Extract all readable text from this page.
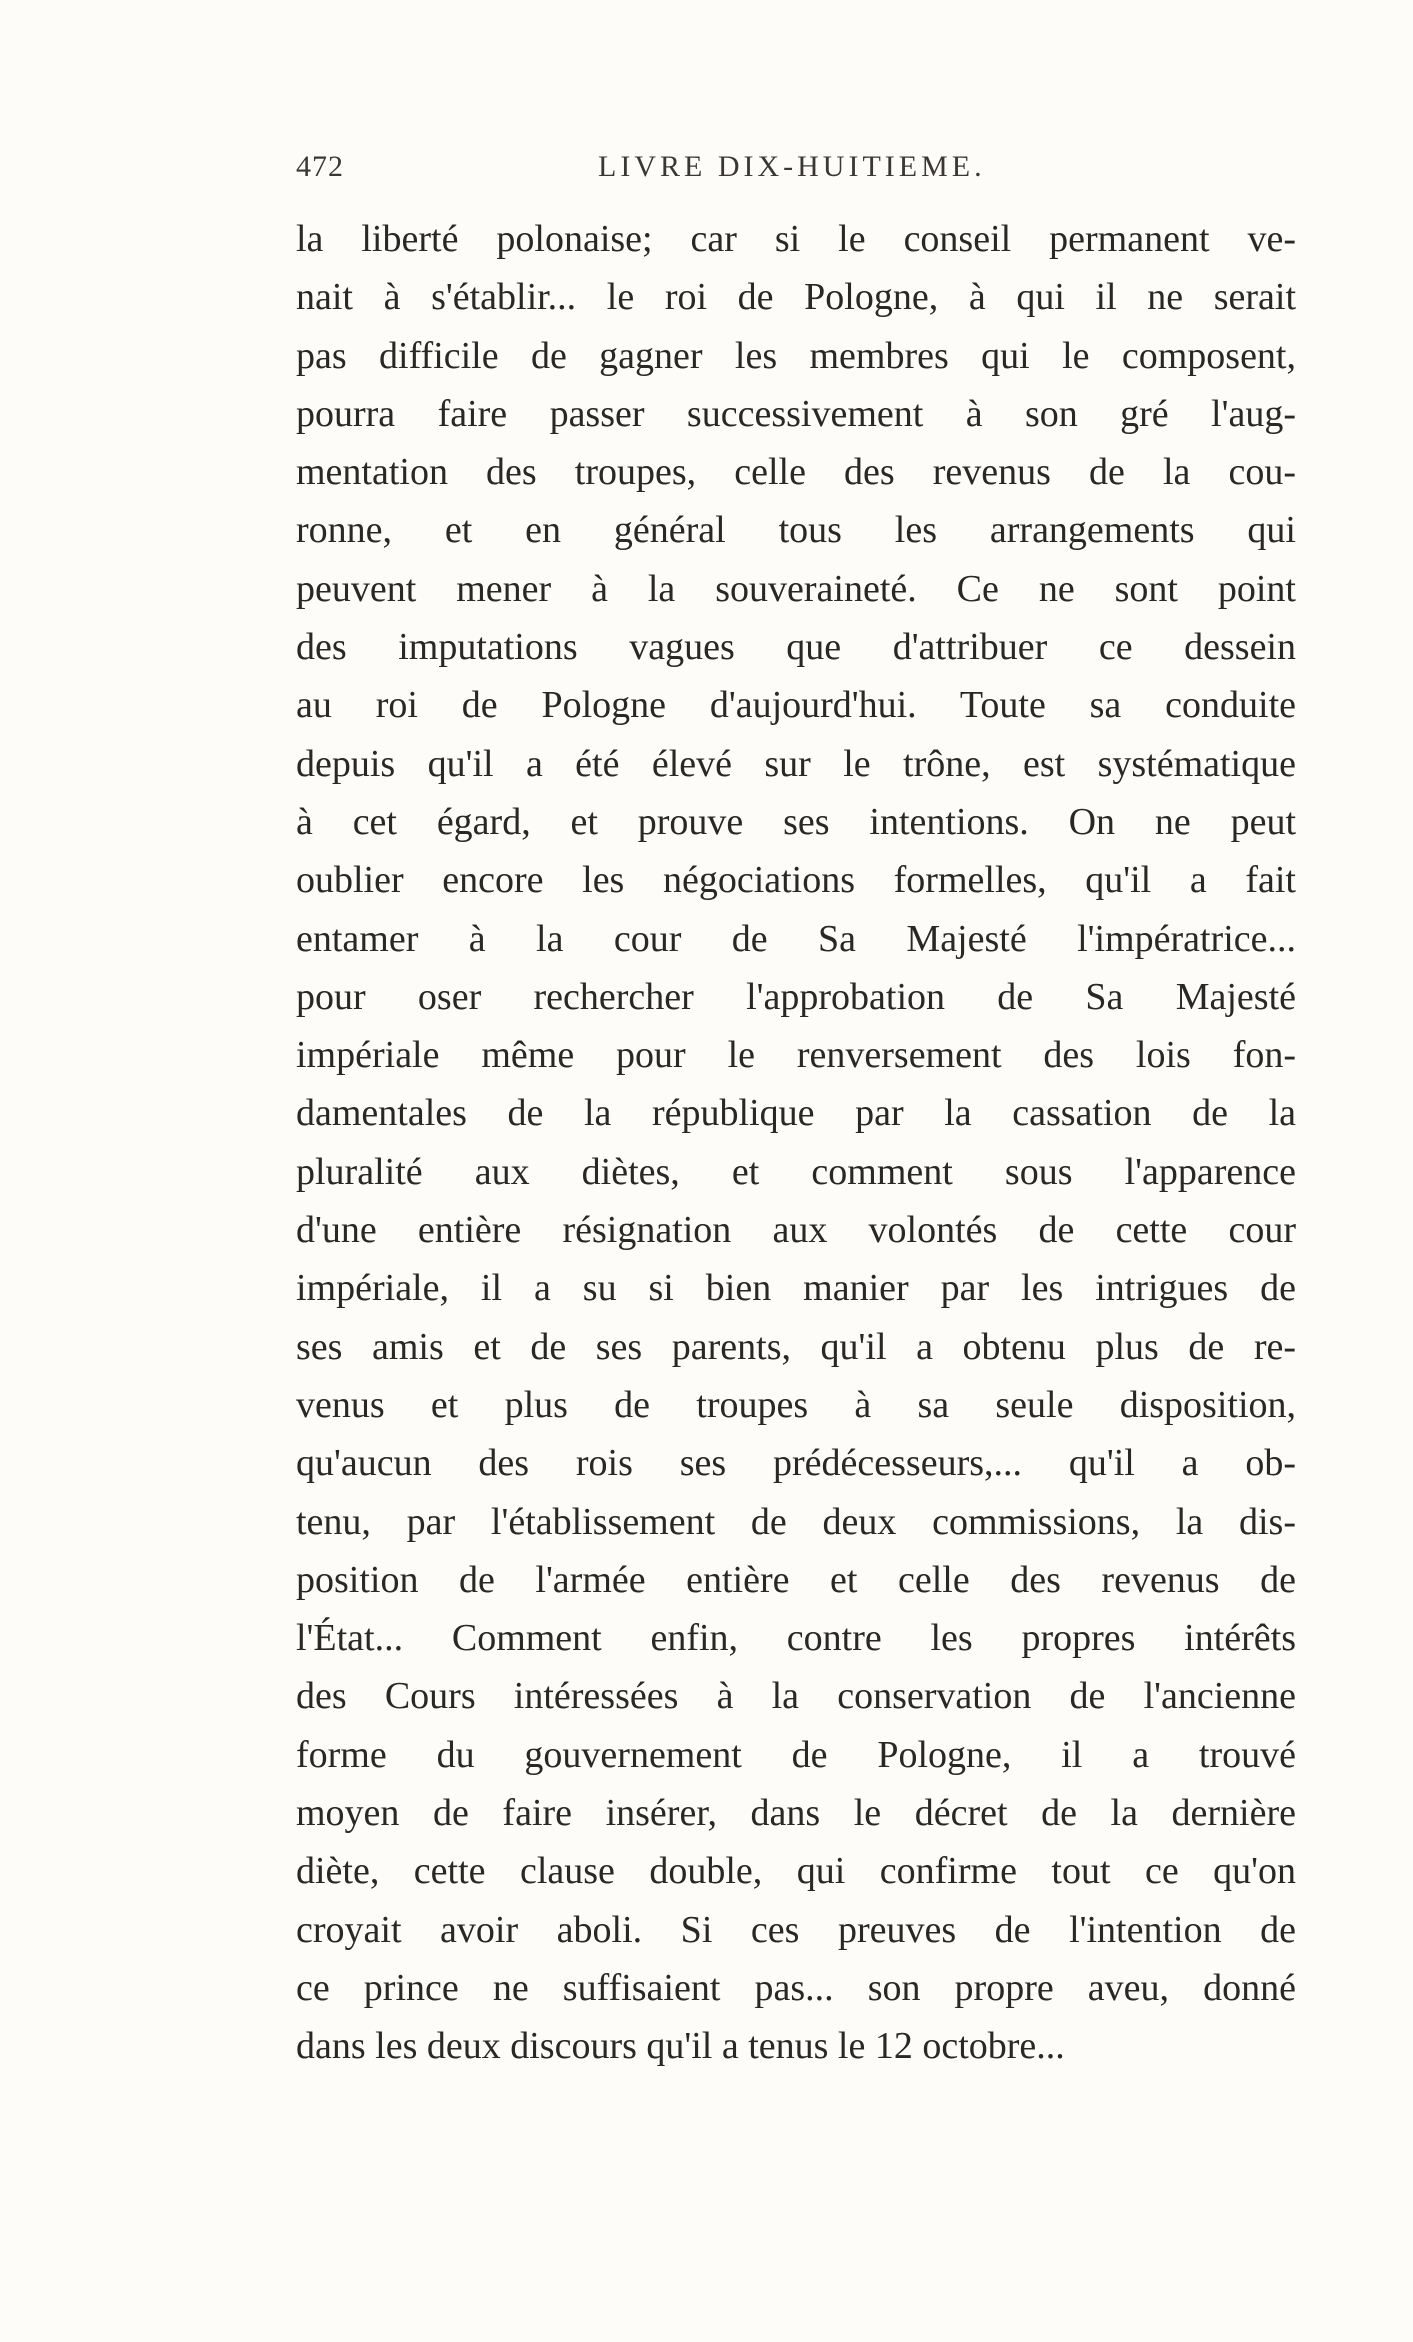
472	LIVRE DIX-HUITIEME.
la liberté polonaise; car si le conseil permanent ve-
nait à s'établir... le roi de Pologne, à qui il ne serait
pas difficile de gagner les membres qui le composent,
pourra faire passer successivement à son gré l'aug-
mentation des troupes, celle des revenus de la cou-
ronne, et en général tous les arrangements qui
peuvent mener à la souveraineté. Ce ne sont point
des imputations vagues que d'attribuer ce dessein
au roi de Pologne d'aujourd'hui. Toute sa conduite
depuis qu'il a été élevé sur le trône, est systématique
à cet égard, et prouve ses intentions. On ne peut
oublier encore les négociations formelles, qu'il a fait
entamer à la cour de Sa Majesté l'impératrice...
pour oser rechercher l'approbation de Sa Majesté
impériale même pour le renversement des lois fon-
damentales de la république par la cassation de la
pluralité aux diètes, et comment sous l'apparence
d'une entière résignation aux volontés de cette cour
impériale, il a su si bien manier par les intrigues de
ses amis et de ses parents, qu'il a obtenu plus de re-
venus et plus de troupes à sa seule disposition,
qu'aucun des rois ses prédécesseurs,... qu'il a ob-
tenu, par l'établissement de deux commissions, la dis-
position de l'armée entière et celle des revenus de
l'État... Comment enfin, contre les propres intérêts
des Cours intéressées à la conservation de l'ancienne
forme du gouvernement de Pologne, il a trouvé
moyen de faire insérer, dans le décret de la dernière
diète, cette clause double, qui confirme tout ce qu'on
croyait avoir aboli. Si ces preuves de l'intention de
ce prince ne suffisaient pas... son propre aveu, donné
dans les deux discours qu'il a tenus le 12 octobre...
